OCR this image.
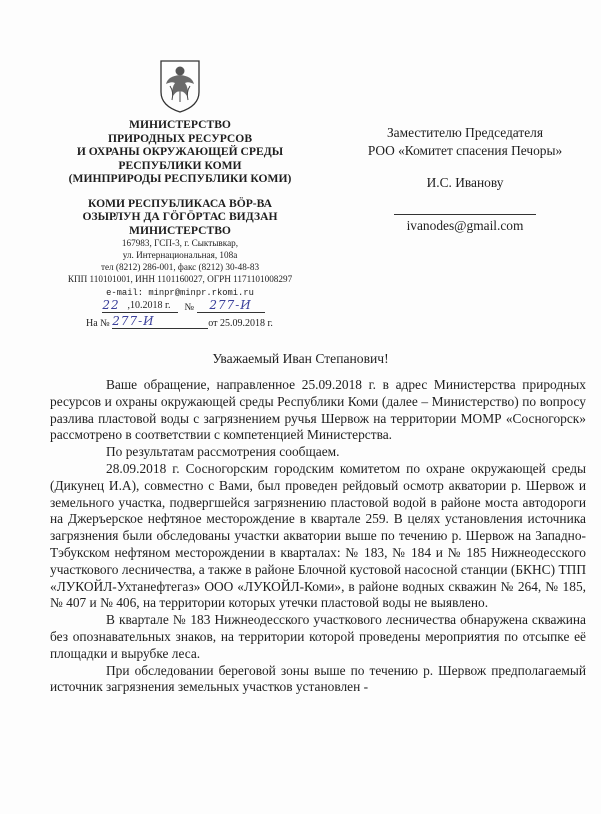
МИНИСТЕРСТВО
ПРИРОДНЫХ РЕСУРСОВ
И ОХРАНЫ ОКРУЖАЮЩЕЙ СРЕДЫ
РЕСПУБЛИКИ КОМИ
(МИНПРИРОДЫ РЕСПУБЛИКИ КОМИ)
КОМИ РЕСПУБЛИКАСА ВӦР-ВА
ОЗЫРЛУН ДА ГӦГӦРТАС ВИДЗАН
МИНИСТЕРСТВО
167983, ГСП-3, г. Сыктывкар,
ул. Интернациональная, 108а
тел (8212) 286-001, факс (8212) 30-48-83
КПП 110101001, ИНН 1101160027, ОГРН 1171101008297
e-mail: minpr@minpr.rkomi.ru
22 ,10.2018 г. № 277-И
На № 277-И	от 25.09.2018 г.
Заместителю Председателя
РОО «Комитет спасения Печоры»
И.С. Иванову
ivanodes@gmail.com
Уважаемый Иван Степанович!

Ваше обращение, направленное 25.09.2018 г. в адрес Министерства природных ресурсов и охраны окружающей среды Республики Коми (далее – Министерство) по вопросу разлива пластовой воды с загрязнением ручья Шервож на территории МОМР «Сосногорск» рассмотрено в соответствии с компетенцией Министерства.

По результатам рассмотрения сообщаем.

28.09.2018 г. Сосногорским городским комитетом по охране окружающей среды (Дикунец И.А), совместно с Вами, был проведен рейдовый осмотр акватории р. Шервож и земельного участка, подвергшейся загрязнению пластовой водой в районе моста автодороги на Джеръерское нефтяное месторождение в квартале 259. В целях установления источника загрязнения были обследованы участки акватории выше по течению р. Шервож на Западно-Тэбукском нефтяном месторождении в кварталах: № 183, № 184 и № 185 Нижнеодесского участкового лесничества, а также в районе Блочной кустовой насосной станции (БКНС) ТПП «ЛУКОЙЛ-Ухтанефтегаз» ООО «ЛУКОЙЛ-Коми», в районе водных скважин № 264, № 185, № 407 и № 406, на территории которых утечки пластовой воды не выявлено.

В квартале № 183 Нижнеодесского участкового лесничества обнаружена скважина без опознавательных знаков, на территории которой проведены мероприятия по отсыпке её площадки и вырубке леса.

При обследовании береговой зоны выше по течению р. Шервож предполагаемый источник загрязнения земельных участков установлен -
